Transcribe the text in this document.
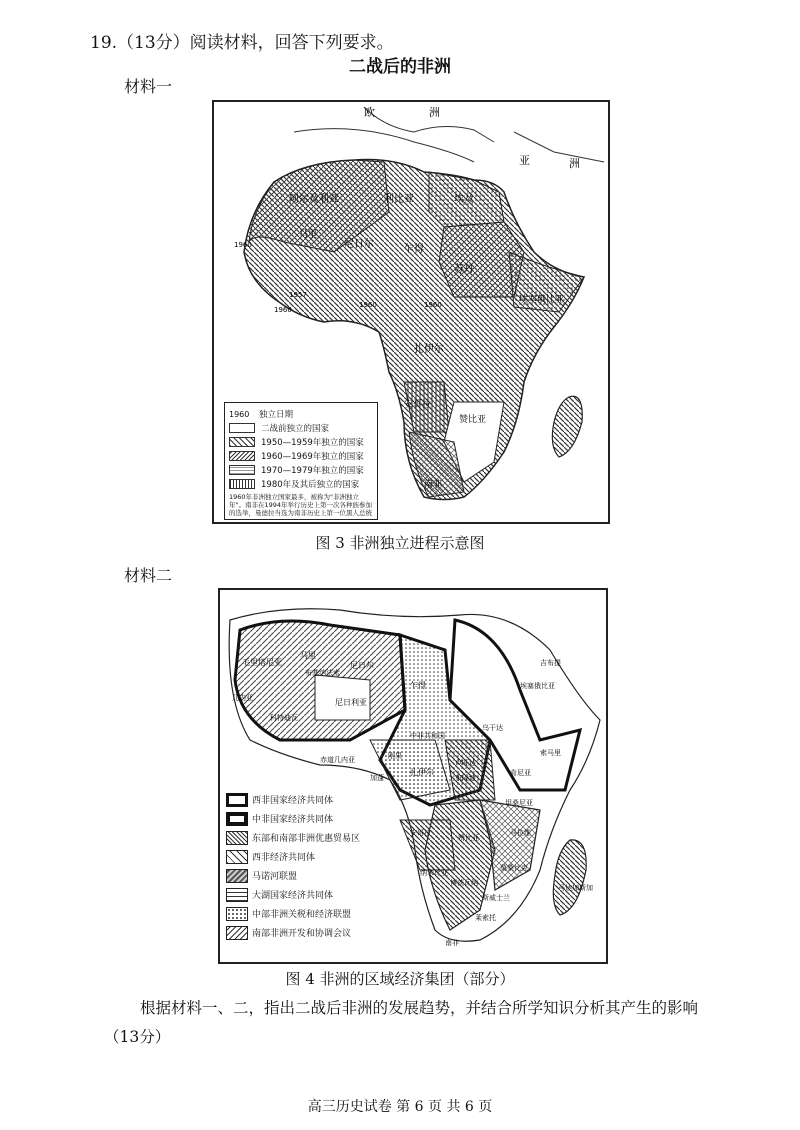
19.（13分）阅读材料，回答下列要求。
二战后的非洲
材料一
欧	洲
亚	洲
阿尔及利亚	利比亚	埃及
尼日尔	乍得
苏丹
埃塞俄比亚
扎伊尔
安哥拉
赞比亚
南非
马里
1960
1957
1960
1960	1960
1960	独立日期
二战前独立的国家
1950—1959年独立的国家
1960—1969年独立的国家
1970—1979年独立的国家
1980年及其后独立的国家
1960年非洲独立国家最多，被称为"非洲独立年"。南非在1994年举行历史上第一次各种族参加的选举，曼德拉当选为南非历史上第一位黑人总统
图 3 非洲独立进程示意图
材料二
毛里塔尼亚
马里
布基纳法索
尼日尔
尼日利亚
乍得
中非共和国
刚果
加蓬
赤道几内亚
扎伊尔
卢旺达
布隆迪
乌干达
肯尼亚
索马里
埃塞俄比亚
吉布提
安哥拉
赞比亚
马拉维
坦桑尼亚
莫桑比克
博茨瓦纳
纳米比亚
南非
斯威士兰
莱索托
几内亚
科特迪瓦
马达加斯加
西非国家经济共同体
中非国家经济共同体
东部和南部非洲优惠贸易区
西非经济共同体
马诺河联盟
大湖国家经济共同体
中部非洲关税和经济联盟
南部非洲开发和协调会议
图 4 非洲的区域经济集团（部分）
根据材料一、二，指出二战后非洲的发展趋势，并结合所学知识分析其产生的影响
（13分）
高三历史试卷 第 6 页 共 6 页
